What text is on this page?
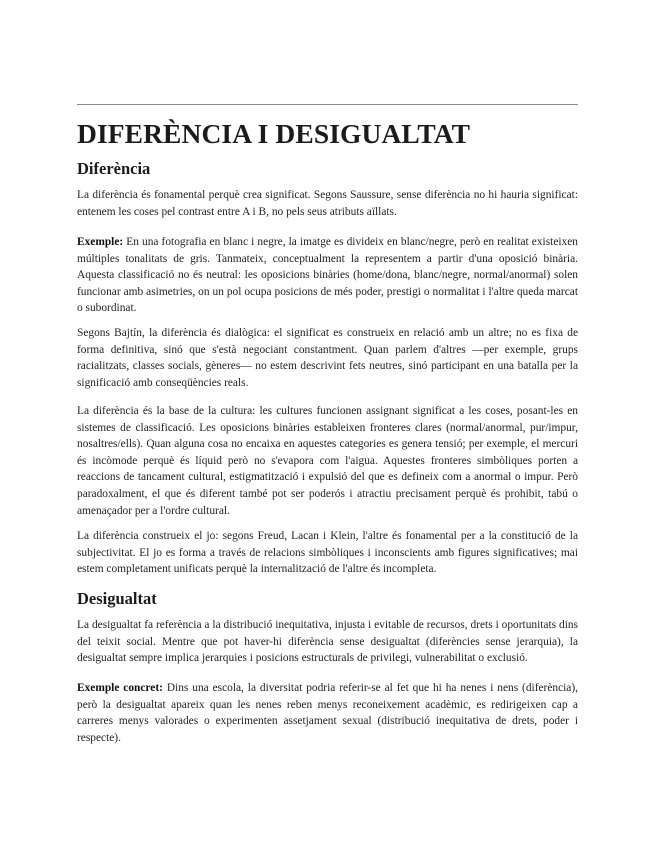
DIFERÈNCIA I DESIGUALTAT
Diferència

La diferència és fonamental perquè crea significat. Segons Saussure, sense diferència no hi hauria significat: entenem les coses pel contrast entre A i B, no pels seus atributs aïllats.

Exemple: En una fotografia en blanc i negre, la imatge es divideix en blanc/negre, però en realitat existeixen múltiples tonalitats de gris. Tanmateix, conceptualment la representem a partir d'una oposició binària. Aquesta classificació no és neutral: les oposicions binàries (home/dona, blanc/negre, normal/anormal) solen funcionar amb asimetries, on un pol ocupa posicions de més poder, prestigi o normalitat i l'altre queda marcat o subordinat.

Segons Bajtín, la diferència és dialògica: el significat es construeix en relació amb un altre; no es fixa de forma definitiva, sinó que s'està negociant constantment. Quan parlem d'altres —per exemple, grups racialitzats, classes socials, gèneres— no estem descrivint fets neutres, sinó participant en una batalla per la significació amb conseqüències reals.

La diferència és la base de la cultura: les cultures funcionen assignant significat a les coses, posant-les en sistemes de classificació. Les oposicions binàries estableixen fronteres clares (normal/anormal, pur/impur, nosaltres/ells). Quan alguna cosa no encaixa en aquestes categories es genera tensió; per exemple, el mercuri és incòmode perquè és líquid però no s'evapora com l'aigua. Aquestes fronteres simbòliques porten a reaccions de tancament cultural, estigmatització i expulsió del que es defineix com a anormal o impur. Però paradoxalment, el que és diferent també pot ser poderós i atractiu precisament perquè és prohibit, tabú o amenaçador per a l'ordre cultural.

La diferència construeix el jo: segons Freud, Lacan i Klein, l'altre és fonamental per a la constitució de la subjectivitat. El jo es forma a través de relacions simbòliques i inconscients amb figures significatives; mai estem completament unificats perquè la internalització de l'altre és incompleta.

Desigualtat

La desigualtat fa referència a la distribució inequitativa, injusta i evitable de recursos, drets i oportunitats dins del teixit social. Mentre que pot haver-hi diferència sense desigualtat (diferències sense jerarquia), la desigualtat sempre implica jerarquies i posicions estructurals de privilegi, vulnerabilitat o exclusió.

Exemple concret: Dins una escola, la diversitat podria referir-se al fet que hi ha nenes i nens (diferència), però la desigualtat apareix quan les nenes reben menys reconeixement acadèmic, es redirigeixen cap a carreres menys valorades o experimenten assetjament sexual (distribució inequitativa de drets, poder i respecte).
